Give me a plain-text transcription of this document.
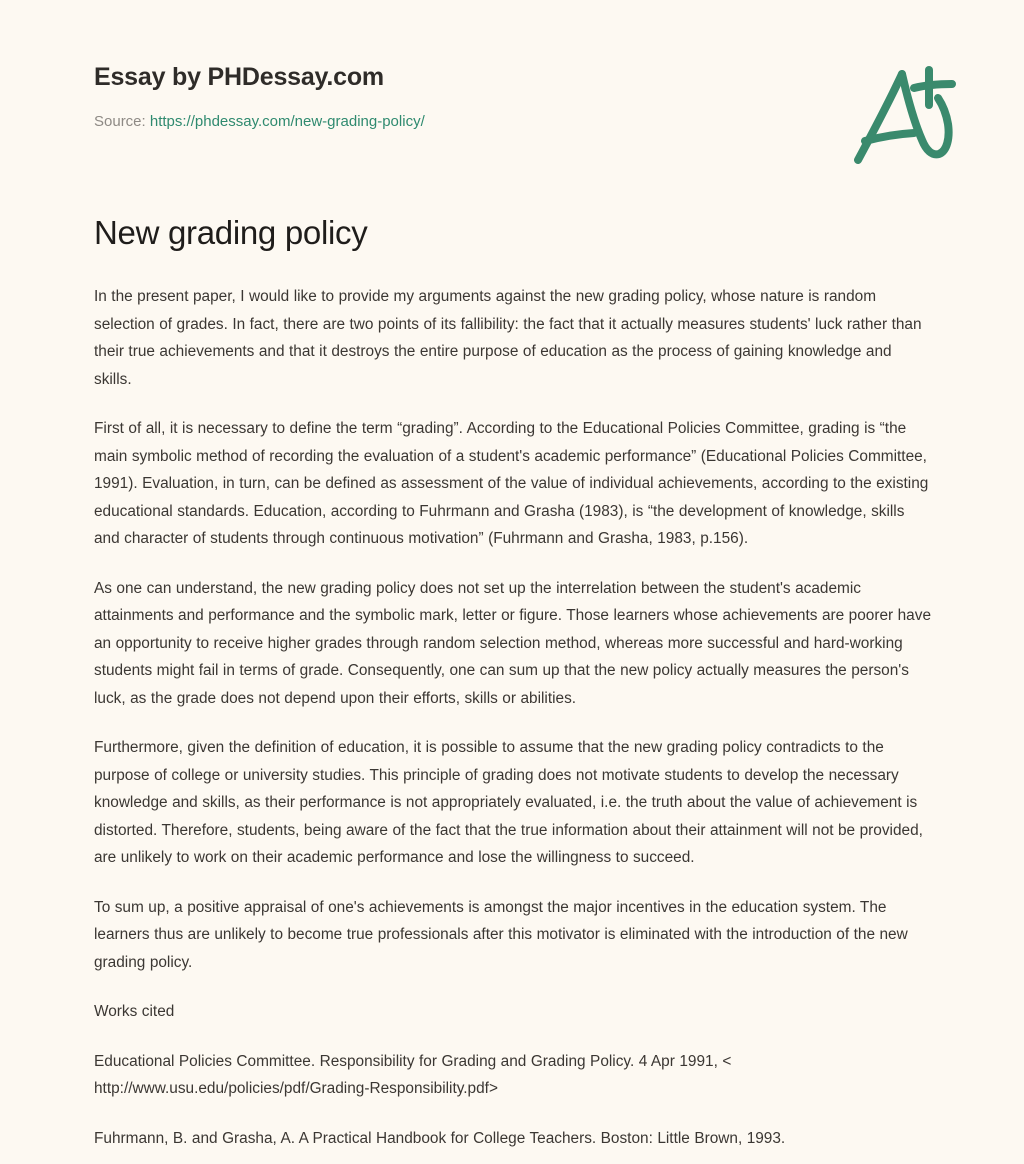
Essay by PHDessay.com
Source: https://phdessay.com/new-grading-policy/
New grading policy

In the present paper, I would like to provide my arguments against the new grading policy, whose nature is random selection of grades. In fact, there are two points of its fallibility: the fact that it actually measures students' luck rather than their true achievements and that it destroys the entire purpose of education as the process of gaining knowledge and skills.

First of all, it is necessary to define the term “grading”. According to the Educational Policies Committee, grading is “the main symbolic method of recording the evaluation of a student's academic performance” (Educational Policies Committee, 1991). Evaluation, in turn, can be defined as assessment of the value of individual achievements, according to the existing educational standards. Education, according to Fuhrmann and Grasha (1983), is “the development of knowledge, skills and character of students through continuous motivation” (Fuhrmann and Grasha, 1983, p.156).

As one can understand, the new grading policy does not set up the interrelation between the student's academic attainments and performance and the symbolic mark, letter or figure. Those learners whose achievements are poorer have an opportunity to receive higher grades through random selection method, whereas more successful and hard-working students might fail in terms of grade. Consequently, one can sum up that the new policy actually measures the person's luck, as the grade does not depend upon their efforts, skills or abilities.

Furthermore, given the definition of education, it is possible to assume that the new grading policy contradicts to the purpose of college or university studies. This principle of grading does not motivate students to develop the necessary knowledge and skills, as their performance is not appropriately evaluated, i.e. the truth about the value of achievement is distorted. Therefore, students, being aware of the fact that the true information about their attainment will not be provided, are unlikely to work on their academic performance and lose the willingness to succeed.

To sum up, a positive appraisal of one's achievements is amongst the major incentives in the education system. The learners thus are unlikely to become true professionals after this motivator is eliminated with the introduction of the new grading policy.

Works cited

Educational Policies Committee. Responsibility for Grading and Grading Policy. 4 Apr 1991, < http://www.usu.edu/policies/pdf/Grading-Responsibility.pdf>

Fuhrmann, B. and Grasha, A. A Practical Handbook for College Teachers. Boston: Little Brown, 1993.
